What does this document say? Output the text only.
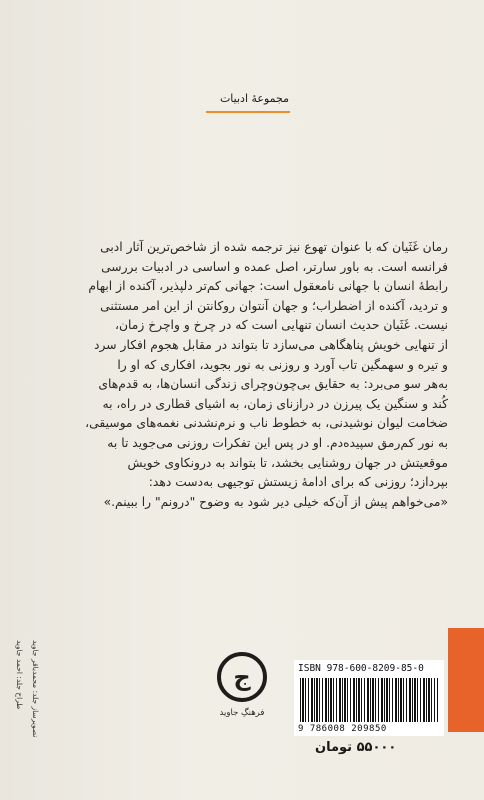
مجموعهٔ ادبیات

رمان غَثَیان که با عنوان تهوع نیز ترجمه شده از شاخص‌ترین آثار ادبی

فرانسه است. به باور سارتر، اصل عمده و اساسی در ادبیات بررسی

رابطهٔ انسان با جهانی نامعقول است: جهانی کم‌تر دلپذیر، آکنده از ابهام

و تردید، آکنده از اضطراب؛ و جهان آنتوان روکانتن از این امر مستثنی

نیست. غَثَیان حدیث انسان تنهایی است که در چرخ و واچرخ زمان،

از تنهایی خویش پناهگاهی می‌سازد تا بتواند در مقابل هجوم افکار سرد

و تیره و سهمگین تاب آورد و روزنی به نور بجوید، افکاری که او را

به‌هر سو می‌برد: به حقایق بی‌چون‌وچرای زندگی انسان‌ها، به قدم‌های

کُند و سنگین یک پیرزن در درازنای زمان، به اشیای قطاری در راه، به

ضخامت لیوان نوشیدنی، به خطوط ناب و نرم‌نشدنی نغمه‌های موسیقی،

به نور کم‌رمق سپیده‌دم. او در پس این تفکرات روزنی می‌جوید تا به

موقعیتش در جهان روشنایی بخشد، تا بتواند به درونکاوی خویش

بپردازد؛ روزنی که برای ادامهٔ زیستش توجیهی به‌دست دهد:

«می‌خواهم پیش از آن‌که خیلی دیر شود به وضوح "درونم" را ببینم.»

طراح جلد: احمد جاوید تصویرساز جلد: محمدباقر جاوید	ج
فرهنگِ جاوید
ISBN 978-600-8209-85-0
9 786008 209850
۵۵۰۰۰ تومان
